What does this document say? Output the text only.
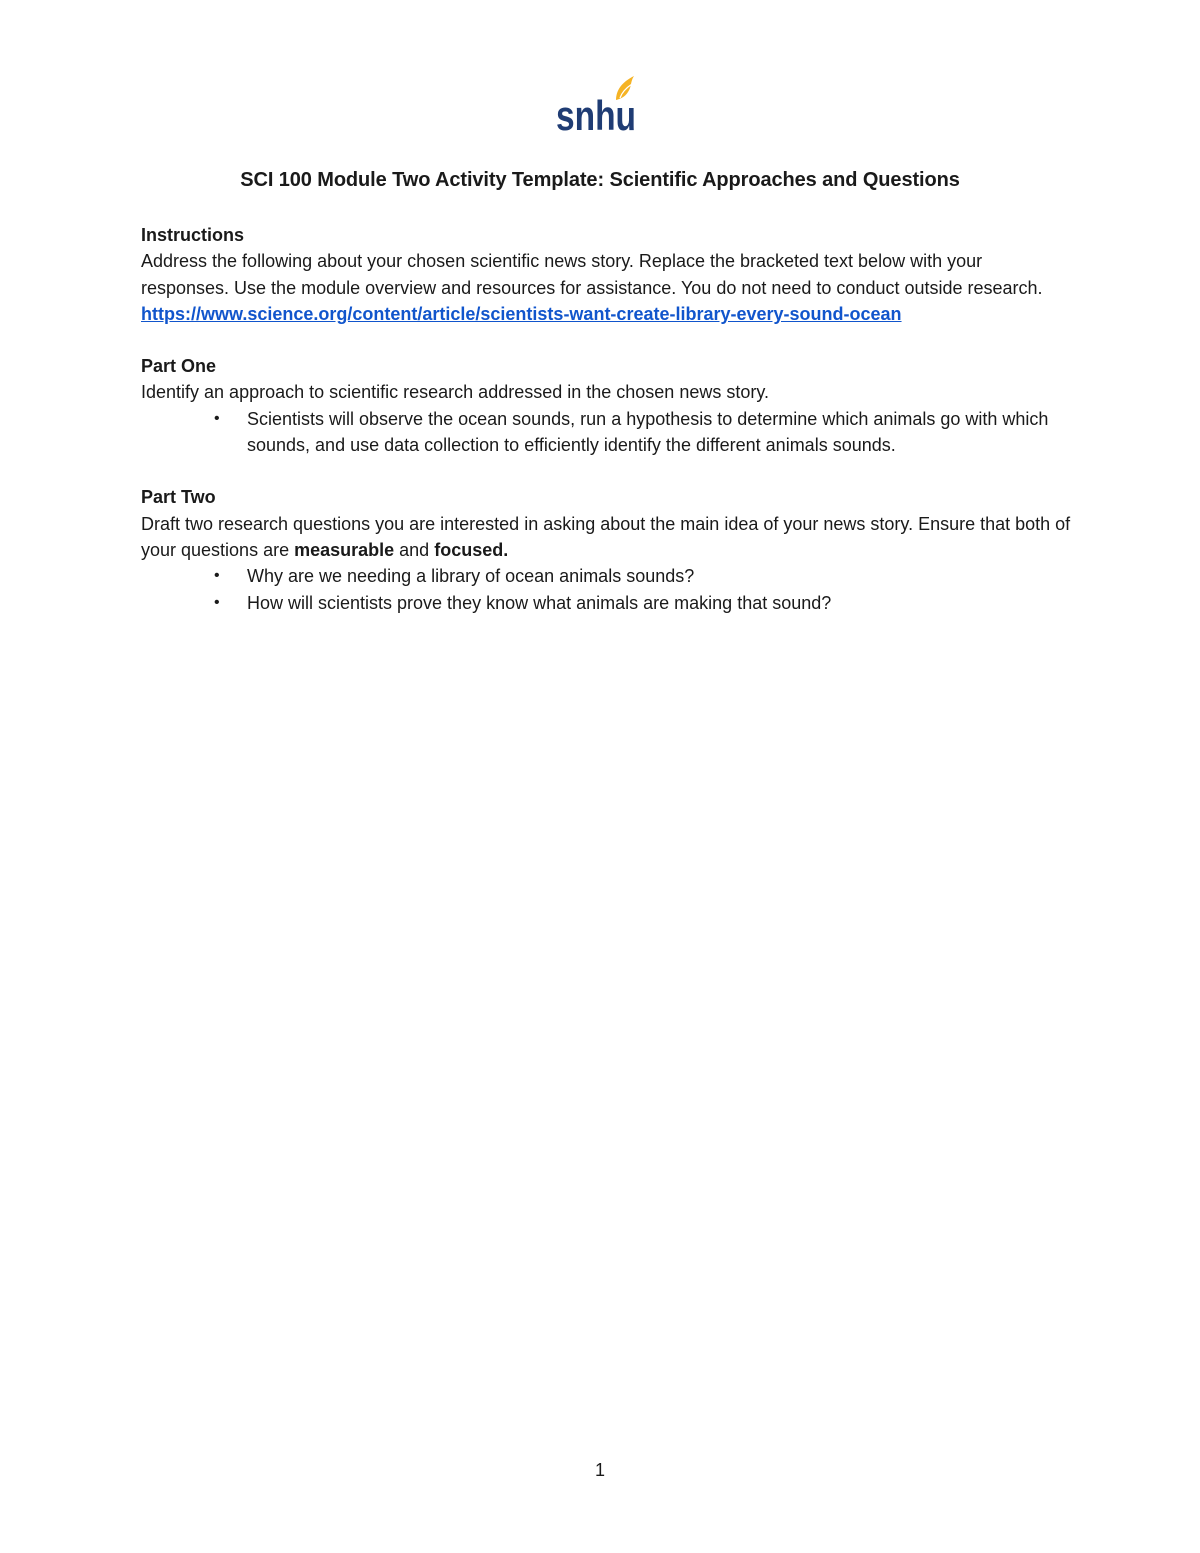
snhu
SCI 100 Module Two Activity Template: Scientific Approaches and Questions

Instructions

Address the following about your chosen scientific news story. Replace the bracketed text below with your responses. Use the module overview and resources for assistance. You do not need to conduct outside research.

https://www.science.org/content/article/scientists-want-create-library-every-sound-ocean

Part One

Identify an approach to scientific research addressed in the chosen news story.

• Scientists will observe the ocean sounds, run a hypothesis to determine which animals go with which sounds, and use data collection to efficiently identify the different animals sounds.

Part Two

Draft two research questions you are interested in asking about the main idea of your news story. Ensure that both of your questions are measurable and focused.

• Why are we needing a library of ocean animals sounds?
• How will scientists prove they know what animals are making that sound?
1
